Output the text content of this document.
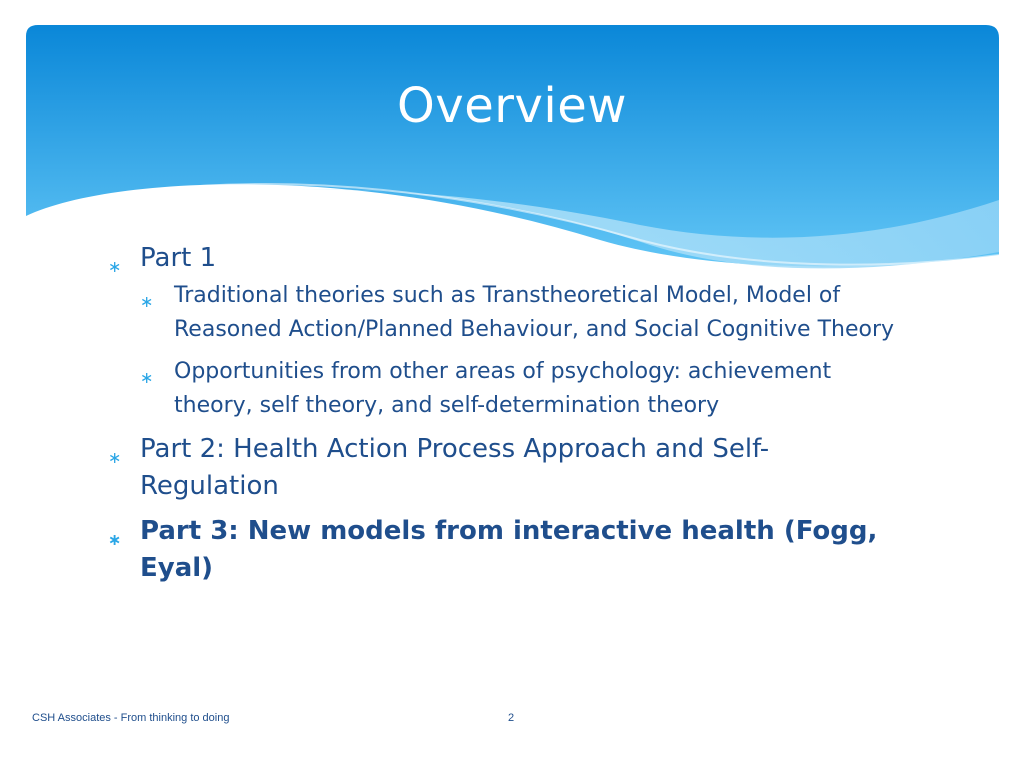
Overview
∗ Part 1
∗ Traditional theories such as Transtheoretical Model, Model of Reasoned Action/Planned Behaviour, and Social Cognitive Theory
∗ Opportunities from other areas of psychology: achievement theory, self theory, and self-determination theory
∗ Part 2: Health Action Process Approach and Self-Regulation
∗ Part 3: New models from interactive health (Fogg, Eyal)
CSH Associates - From thinking to doing	2
